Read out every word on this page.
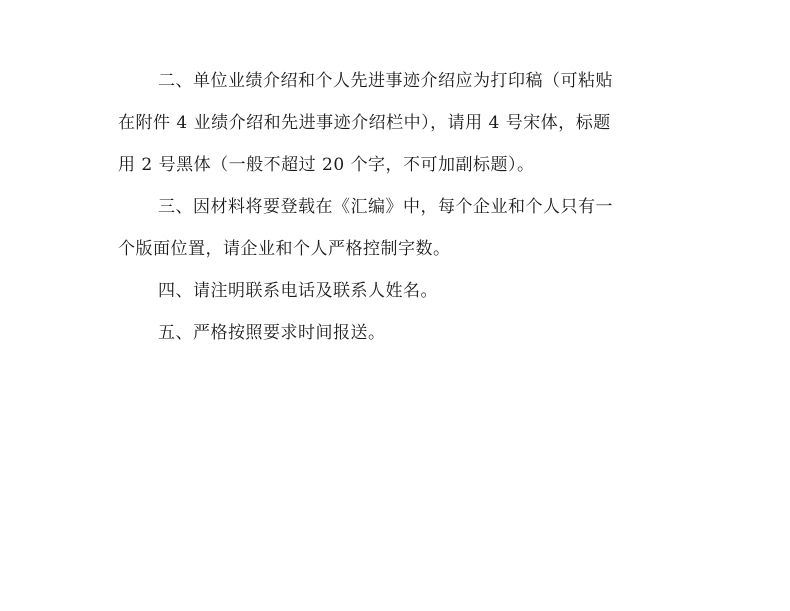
二、单位业绩介绍和个人先进事迹介绍应为打印稿（可粘贴
在附件 4 业绩介绍和先进事迹介绍栏中），请用 4 号宋体，标题
用 2 号黑体（一般不超过 20 个字，不可加副标题）。
三、因材料将要登载在《汇编》中，每个企业和个人只有一
个版面位置，请企业和个人严格控制字数。
四、请注明联系电话及联系人姓名。
五、严格按照要求时间报送。
